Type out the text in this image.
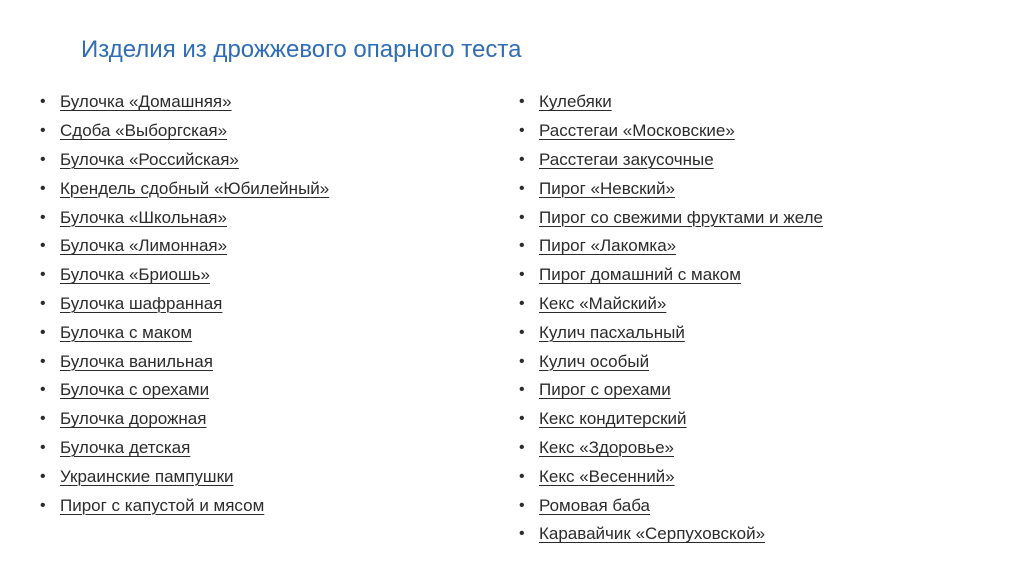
Изделия из дрожжевого опарного теста
• Булочка «Домашняя»
• Сдоба «Выборгская»
• Булочка «Российская»
• Крендель сдобный «Юбилейный»
• Булочка «Школьная»
• Булочка «Лимонная»
• Булочка «Бриошь»
• Булочка шафранная
• Булочка с маком
• Булочка ванильная
• Булочка с орехами
• Булочка дорожная
• Булочка детская
• Украинские пампушки
• Пирог с капустой и мясом
• Кулебяки
• Расстегаи «Московские»
• Расстегаи закусочные
• Пирог «Невский»
• Пирог со свежими фруктами и желе
• Пирог «Лакомка»
• Пирог домашний с маком
• Кекс «Майский»
• Кулич пасхальный
• Кулич особый
• Пирог с орехами
• Кекс кондитерский
• Кекс «Здоровье»
• Кекс «Весенний»
• Ромовая баба
• Каравайчик «Серпуховской»
